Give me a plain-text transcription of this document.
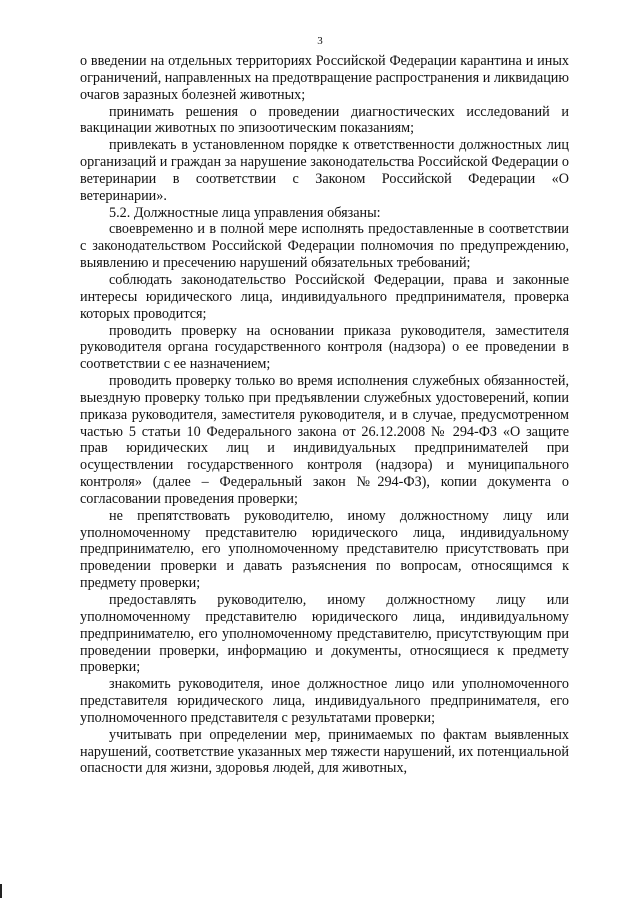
3

о введении на отдельных территориях Российской Федерации карантина и иных ограничений, направленных на предотвращение распространения и ликвидацию очагов заразных болезней животных;

принимать решения о проведении диагностических исследований и вакцинации животных по эпизоотическим показаниям;

привлекать в установленном порядке к ответственности должностных лиц организаций и граждан за нарушение законодательства Российской Федерации о ветеринарии в соответствии с Законом Российской Федерации «О ветеринарии».

5.2. Должностные лица управления обязаны:

своевременно и в полной мере исполнять предоставленные в соответствии с законодательством Российской Федерации полномочия по предупреждению, выявлению и пресечению нарушений обязательных требований;

соблюдать законодательство Российской Федерации, права и законные интересы юридического лица, индивидуального предпринимателя, проверка которых проводится;

проводить проверку на основании приказа руководителя, заместителя руководителя органа государственного контроля (надзора) о ее проведении в соответствии с ее назначением;

проводить проверку только во время исполнения служебных обязанностей, выездную проверку только при предъявлении служебных удостоверений, копии приказа руководителя, заместителя руководителя, и в случае, предусмотренном частью 5 статьи 10 Федерального закона от 26.12.2008 № 294-ФЗ «О защите прав юридических лиц и индивидуальных предпринимателей при осуществлении государственного контроля (надзора) и муниципального контроля» (далее – Федеральный закон №294-ФЗ), копии документа о согласовании проведения проверки;

не препятствовать руководителю, иному должностному лицу или уполномоченному представителю юридического лица, индивидуальному предпринимателю, его уполномоченному представителю присутствовать при проведении проверки и давать разъяснения по вопросам, относящимся к предмету проверки;

предоставлять руководителю, иному должностному лицу или уполномоченному представителю юридического лица, индивидуальному предпринимателю, его уполномоченному представителю, присутствующим при проведении проверки, информацию и документы, относящиеся к предмету проверки;

знакомить руководителя, иное должностное лицо или уполномоченного представителя юридического лица, индивидуального предпринимателя, его уполномоченного представителя с результатами проверки;

учитывать при определении мер, принимаемых по фактам выявленных нарушений, соответствие указанных мер тяжести нарушений, их потенциальной опасности для жизни, здоровья людей, для животных,
